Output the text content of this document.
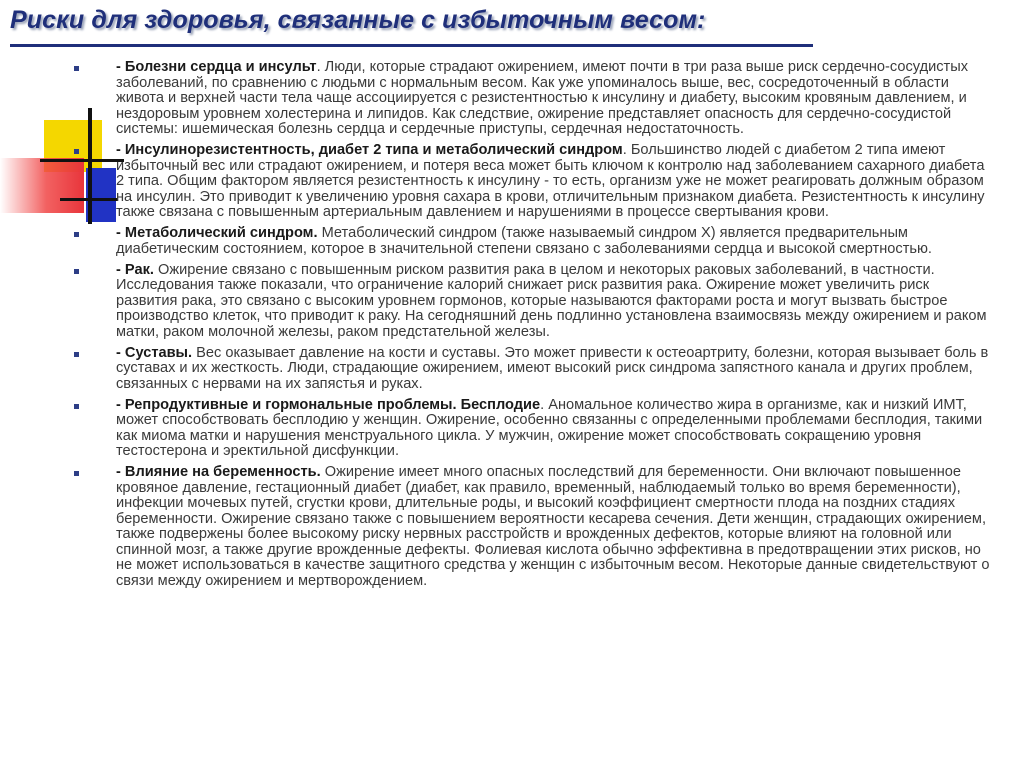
Риски для здоровья, связанные с избыточным весом:
- Болезни сердца и инсульт. Люди, которые страдают ожирением, имеют почти в три раза выше риск сердечно-сосудистых заболеваний, по сравнению с людьми с нормальным весом. Как уже упоминалось выше, вес, сосредоточенный в области живота и верхней части тела чаще ассоциируется с резистентностью к инсулину и диабету, высоким кровяным давлением, и нездоровым уровнем холестерина и липидов. Как следствие, ожирение представляет опасность для сердечно-сосудистой системы: ишемическая болезнь сердца и сердечные приступы, сердечная недостаточность.
- Инсулинорезистентность, диабет 2 типа и метаболический синдром. Большинство людей с диабетом 2 типа имеют избыточный вес или страдают ожирением, и потеря веса может быть ключом к контролю над заболеванием сахарного диабета 2 типа. Общим фактором является резистентность к инсулину - то есть, организм уже не может реагировать должным образом на инсулин. Это приводит к увеличению уровня сахара в крови, отличительным признаком диабета. Резистентность к инсулину также связана с повышенным артериальным давлением и нарушениями в процессе свертывания крови.
- Метаболический синдром. Метаболический синдром (также называемый синдром Х) является предварительным диабетическим состоянием, которое в значительной степени связано с заболеваниями сердца и высокой смертностью.
- Рак. Ожирение связано с повышенным риском развития рака в целом и некоторых раковых заболеваний, в частности. Исследования также показали, что ограничение калорий снижает риск развития рака. Ожирение может увеличить риск развития рака, это связано с высоким уровнем гормонов, которые называются факторами роста и могут вызвать быстрое производство клеток, что приводит к раку. На сегодняшний день подлинно установлена взаимосвязь между ожирением и раком матки, раком молочной железы, раком предстательной железы.
- Суставы. Вес оказывает давление на кости и суставы. Это может привести к остеоартриту, болезни, которая вызывает боль в суставах и их жесткость. Люди, страдающие ожирением, имеют высокий риск синдрома запястного канала и других проблем, связанных с нервами на их запястья и руках.
- Репродуктивные и гормональные проблемы. Бесплодие. Аномальное количество жира в организме, как и низкий ИМТ, может способствовать бесплодию у женщин. Ожирение, особенно связанны с определенными проблемами бесплодия, такими как миома матки и нарушения менструального цикла. У мужчин, ожирение может способствовать сокращению уровня тестостерона и эректильной дисфункции.
- Влияние на беременность. Ожирение имеет много опасных последствий для беременности. Они включают повышенное кровяное давление, гестационный диабет (диабет, как правило, временный, наблюдаемый только во время беременности), инфекции мочевых путей, сгустки крови, длительные роды, и высокий коэффициент смертности плода на поздних стадиях беременности. Ожирение связано также с повышением вероятности кесарева сечения. Дети женщин, страдающих ожирением, также подвержены более высокому риску нервных расстройств и врожденных дефектов, которые влияют на головной или спинной мозг, а также другие врожденные дефекты. Фолиевая кислота обычно эффективна в предотвращении этих рисков, но не может использоваться в качестве защитного средства у женщин с избыточным весом. Некоторые данные свидетельствуют о связи между ожирением и мертворождением.
